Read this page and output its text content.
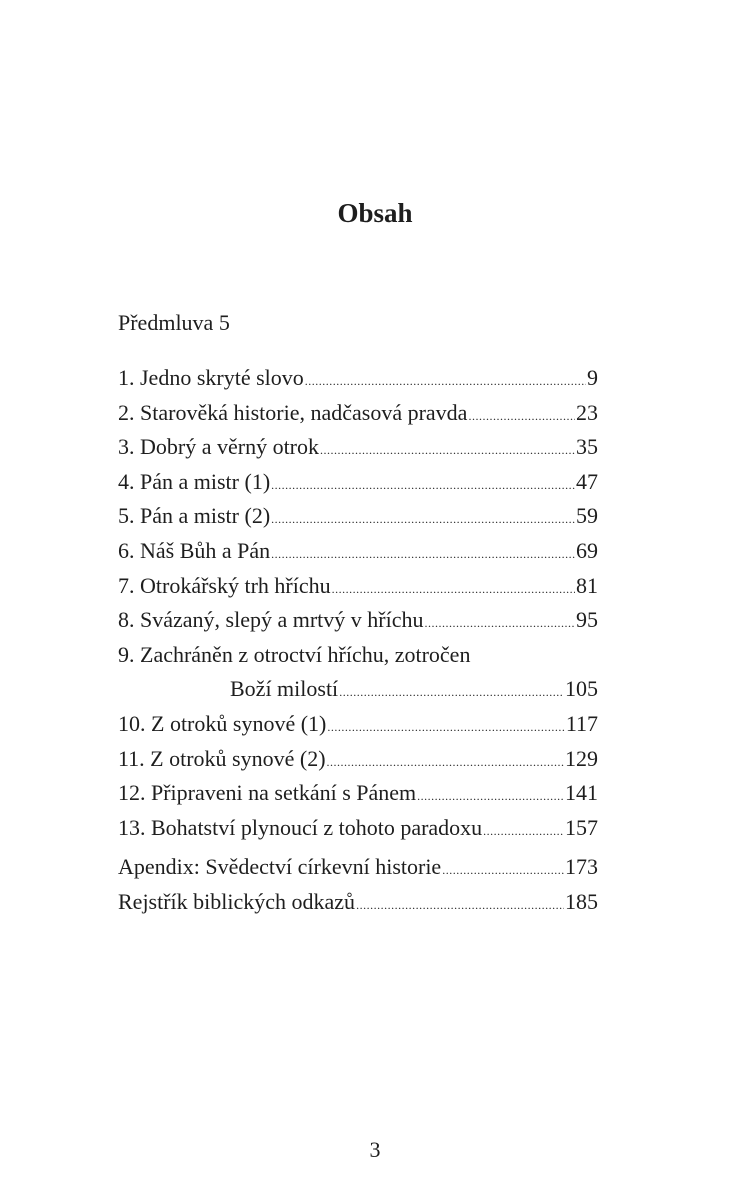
Obsah
Předmluva 5
1. Jedno skryté slovo .....	9
2. Starověká historie, nadčasová pravda .....	23
3. Dobrý a věrný otrok .....	35
4. Pán a mistr (1) .....	47
5. Pán a mistr (2) .....	59
6. Náš Bůh a Pán .....	69
7. Otrokářský trh hříchu .....	81
8. Svázaný, slepý a mrtvý v hříchu .....	95
9. Zachráněn z otroctví hříchu, zotročen
Boží milostí .....	105
10. Z otroků synové (1) .....	117
11. Z otroků synové (2) .....	129
12. Připraveni na setkání s Pánem .....	141
13. Bohatství plynoucí z tohoto paradoxu .....	157
Apendix: Svědectví církevní historie .....	173
Rejstřík biblických odkazů .....	185
3
